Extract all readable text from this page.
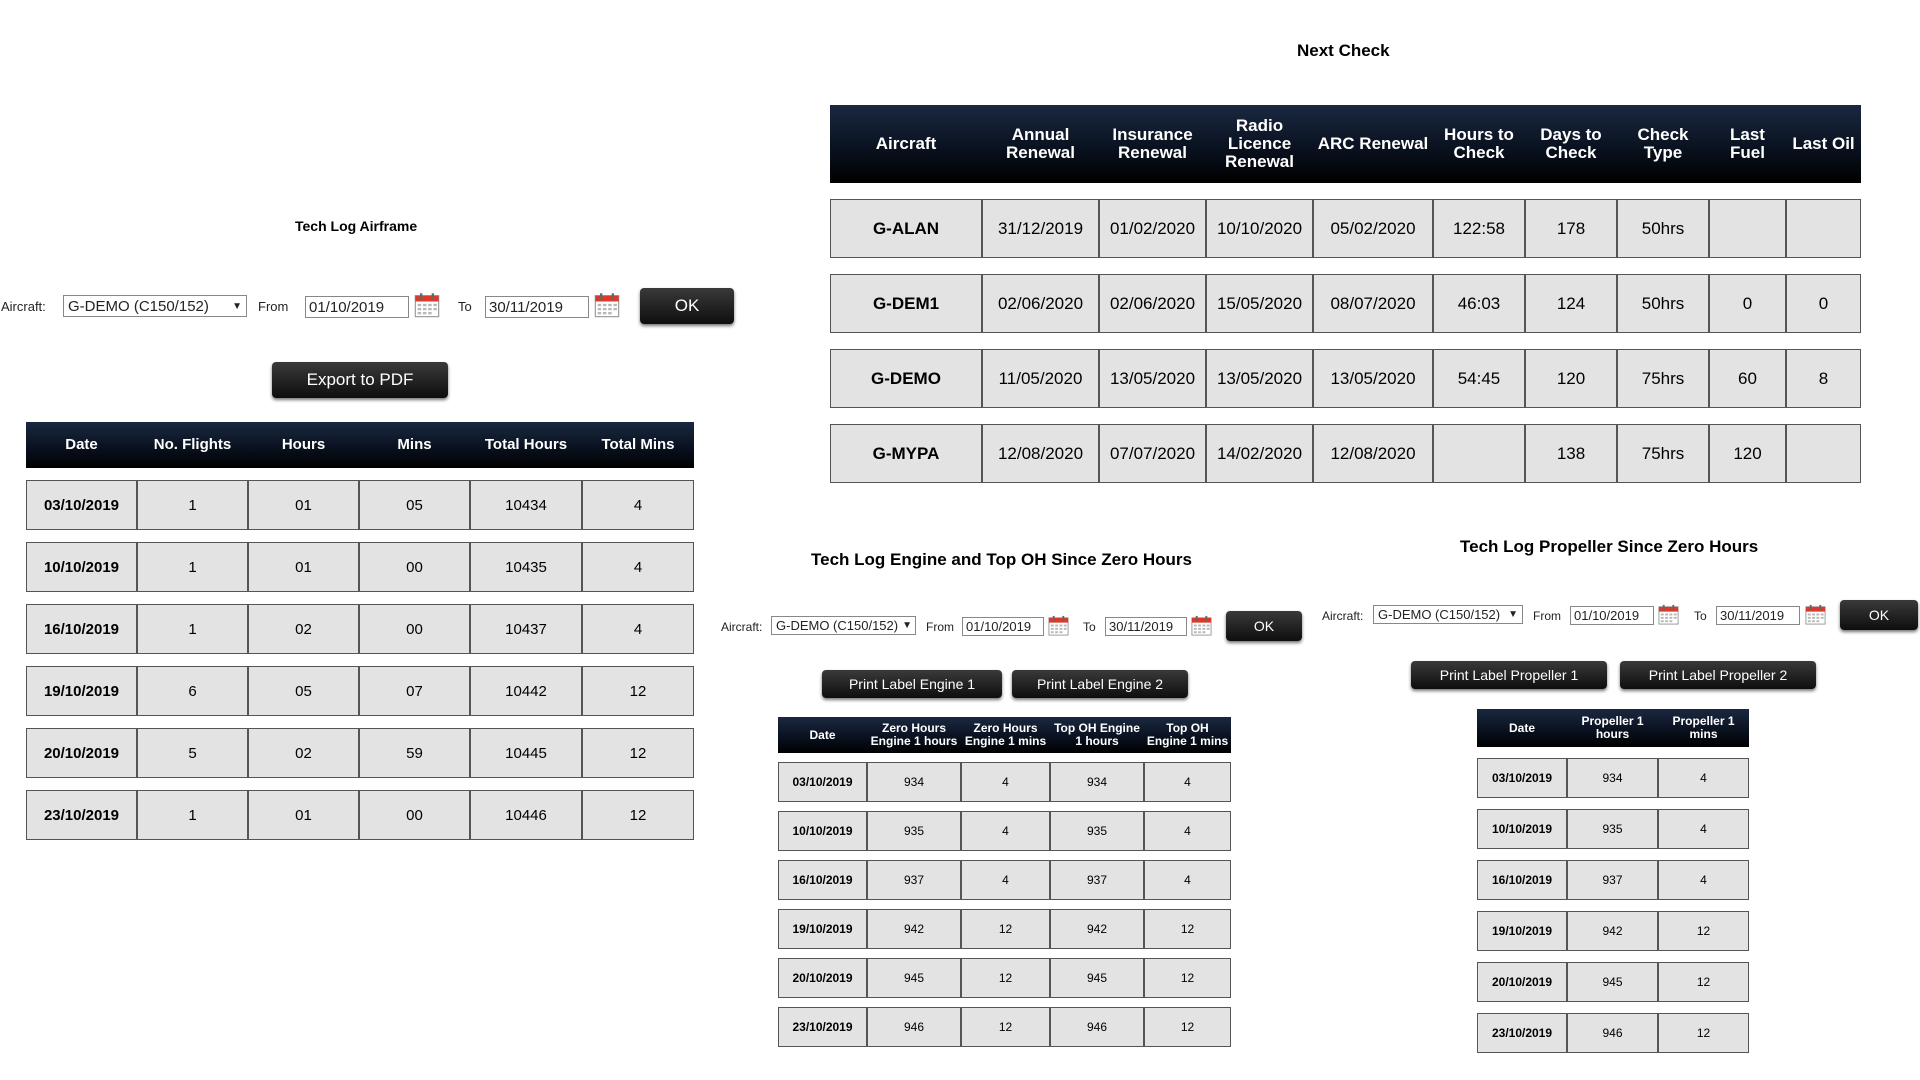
Next Check
Aircraft	Annual Renewal	Insurance Renewal	Radio Licence Renewal	ARC Renewal	Hours to Check	Days to Check	Check Type	Last Fuel	Last Oil

G-ALAN	31/12/2019	01/02/2020	10/10/2020	05/02/2020	122:58	178	50hrs		

G-DEM1	02/06/2020	02/06/2020	15/05/2020	08/07/2020	46:03	124	50hrs	0	0

G-DEMO	11/05/2020	13/05/2020	13/05/2020	13/05/2020	54:45	120	75hrs	60	8

G-MYPA	12/08/2020	07/07/2020	14/02/2020	12/08/2020		138	75hrs	120	
Tech Log Airframe
Aircraft: G-DEMO (C150/152) ▼ From 01/10/2019	To 30/11/2019	OK
Export to PDF
Date	No. Flights	Hours	Mins	Total Hours	Total Mins

03/10/2019	1	01	05	10434	4

10/10/2019	1	01	00	10435	4

16/10/2019	1	02	00	10437	4

19/10/2019	6	05	07	10442	12

20/10/2019	5	02	59	10445	12

23/10/2019	1	01	00	10446	12
Tech Log Engine and Top OH Since Zero Hours
Aircraft: G-DEMO (C150/152) ▼ From 01/10/2019	To 30/11/2019	OK
Print Label Engine 1	Print Label Engine 2
Date	Zero Hours Engine 1 hours	Zero Hours Engine 1 mins	Top OH Engine 1 hours	Top OH Engine 1 mins

03/10/2019	934	4	934	4

10/10/2019	935	4	935	4

16/10/2019	937	4	937	4

19/10/2019	942	12	942	12

20/10/2019	945	12	945	12

23/10/2019	946	12	946	12
Tech Log Propeller Since Zero Hours
Aircraft: G-DEMO (C150/152) ▼ From 01/10/2019	To 30/11/2019	OK
Print Label Propeller 1	Print Label Propeller 2
Date	Propeller 1 hours	Propeller 1 mins

03/10/2019	934	4

10/10/2019	935	4

16/10/2019	937	4

19/10/2019	942	12

20/10/2019	945	12

23/10/2019	946	12
